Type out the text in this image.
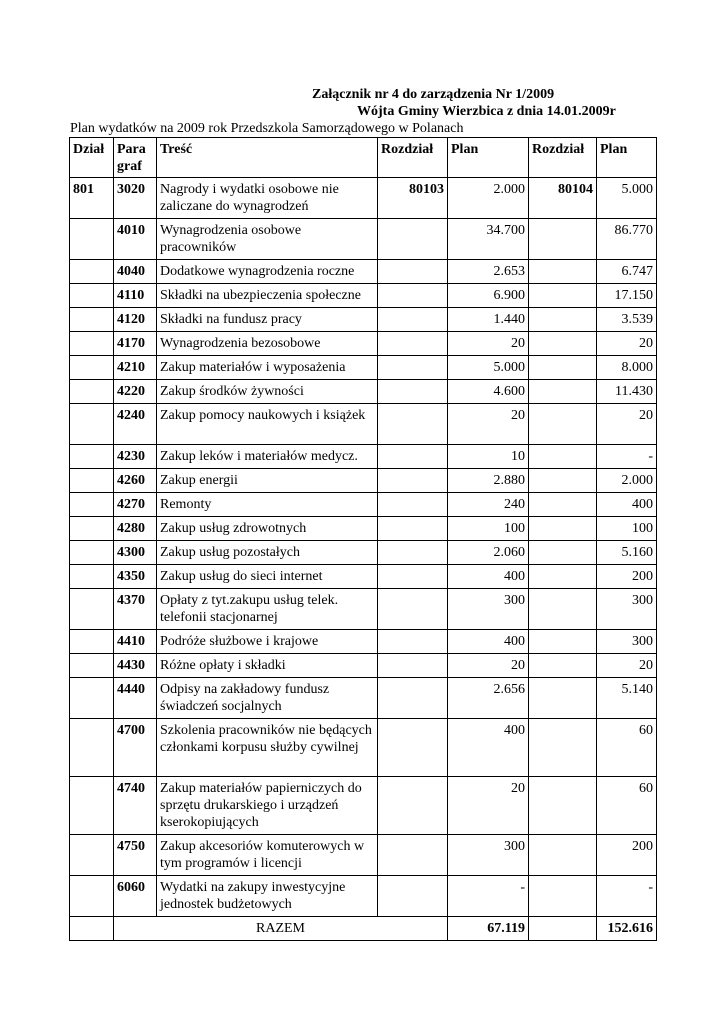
Załącznik nr 4 do zarządzenia Nr 1/2009
Wójta Gminy Wierzbica z dnia 14.01.2009r
Plan wydatków na 2009 rok Przedszkola Samorządowego w Polanach
Dział	Para graf	Treść	Rozdział	Plan	Rozdział	Plan
801	3020	Nagrody i wydatki osobowe nie zaliczane do wynagrodzeń	80103	2.000	80104	5.000
	4010	Wynagrodzenia osobowe pracowników		34.700		86.770
	4040	Dodatkowe wynagrodzenia roczne		2.653		6.747
	4110	Składki na ubezpieczenia społeczne		6.900		17.150
	4120	Składki na fundusz pracy		1.440		3.539
	4170	Wynagrodzenia bezosobowe		20		20
	4210	Zakup materiałów i wyposażenia		5.000		8.000
	4220	Zakup środków żywności		4.600		11.430
	4240	Zakup pomocy naukowych i książek		20		20
	4230	Zakup leków i materiałów medycz.		10		-
	4260	Zakup energii		2.880		2.000
	4270	Remonty		240		400
	4280	Zakup usług zdrowotnych		100		100
	4300	Zakup usług pozostałych		2.060		5.160
	4350	Zakup usług do sieci internet		400		200
	4370	Opłaty z tyt.zakupu usług telek. telefonii stacjonarnej		300		300
	4410	Podróże służbowe i krajowe		400		300
	4430	Różne opłaty i składki		20		20
	4440	Odpisy na zakładowy fundusz świadczeń socjalnych		2.656		5.140
	4700	Szkolenia pracowników nie będących członkami korpusu służby cywilnej		400		60
	4740	Zakup materiałów papierniczych do sprzętu drukarskiego i urządzeń kserokopiujących		20		60
	4750	Zakup akcesoriów komuterowych w tym programów i licencji		300		200
	6060	Wydatki na zakupy inwestycyjne jednostek budżetowych		-		-
	RAZEM			67.119		152.616
